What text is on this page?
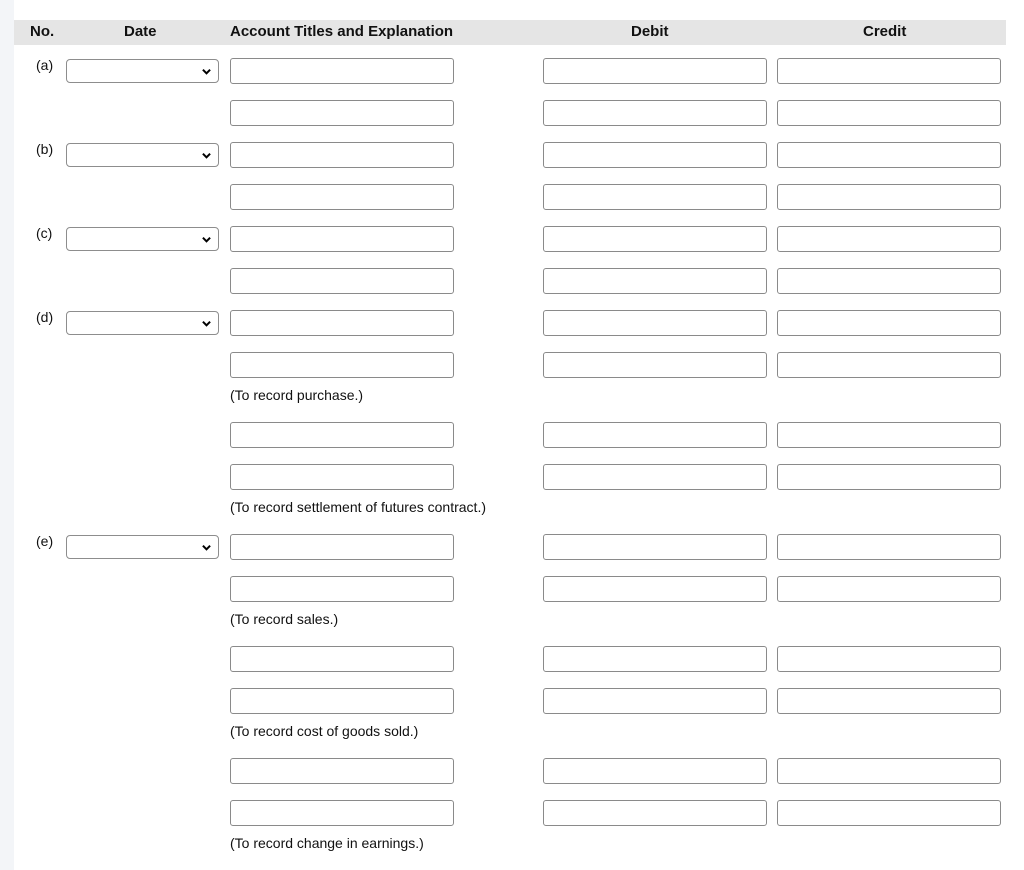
No.	Date	Account Titles and Explanation	Debit	Credit
(a)
(b)
(c)
(d)
(To record purchase.)
(To record settlement of futures contract.)
(e)
(To record sales.)
(To record cost of goods sold.)
(To record change in earnings.)
